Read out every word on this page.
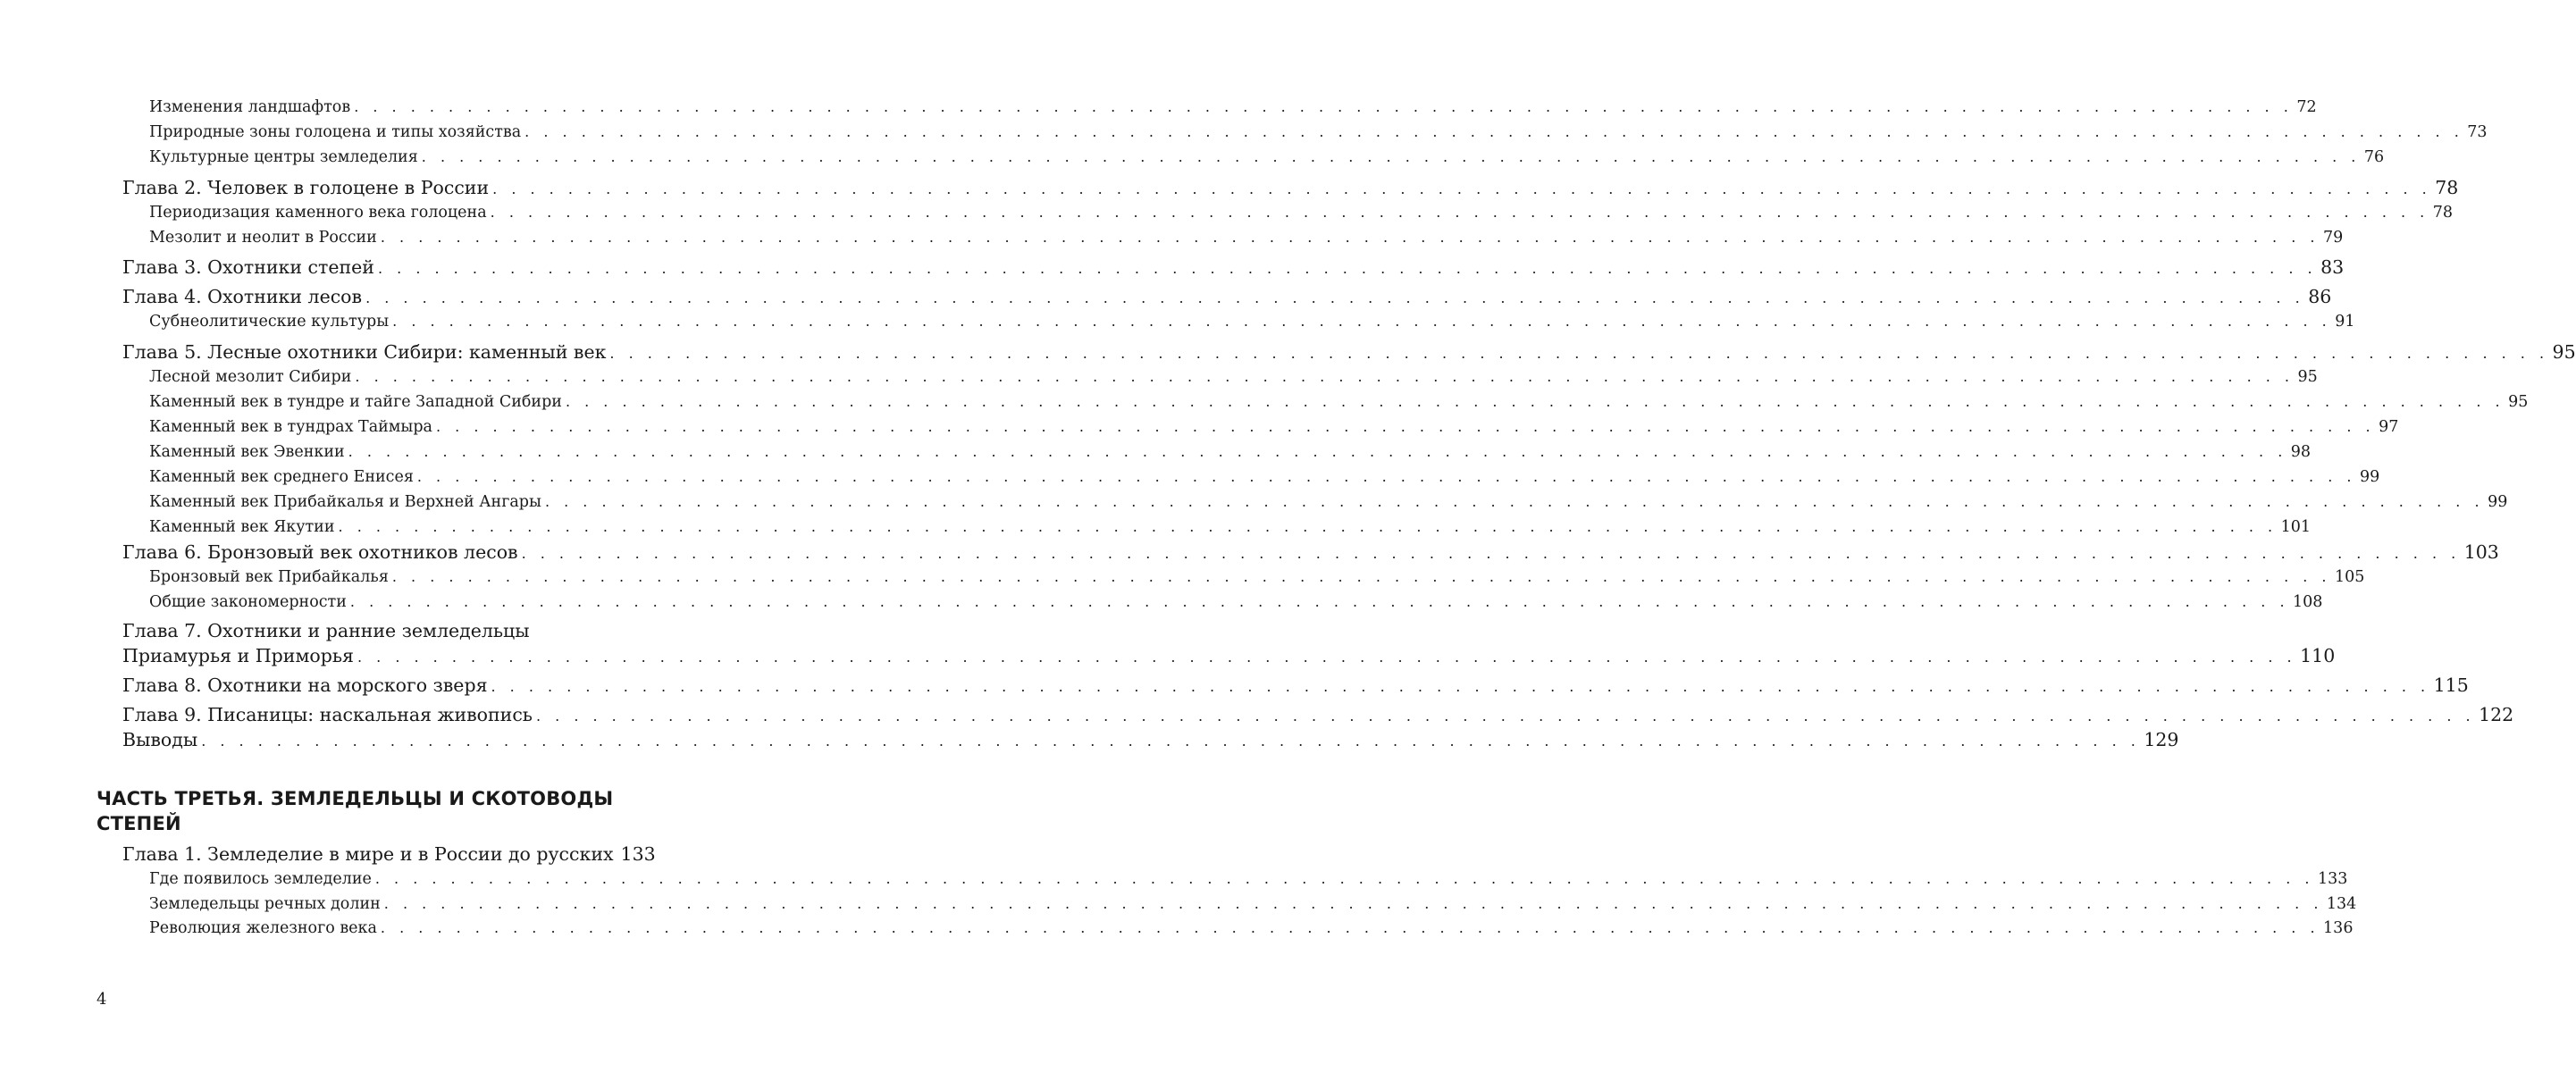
Изменения ландшафтов . . .	72
Природные зоны голоцена и типы хозяйства . . .	73
Культурные центры земледелия . . .	76
Глава 2. Человек в голоцене в России . . .	78
Периодизация каменного века голоцена . . .	78
Мезолит и неолит в России . . .	79
Глава 3. Охотники степей . . .	83
Глава 4. Охотники лесов . . .	86
Субнеолитические культуры . . .	91
Глава 5. Лесные охотники Сибири: каменный век . . .	95
Лесной мезолит Сибири . . .	95
Каменный век в тундре и тайге Западной Сибири . . .	95
Каменный век в тундрах Таймыра . . .	97
Каменный век Эвенкии . . .	98
Каменный век среднего Енисея . . .	99
Каменный век Прибайкалья и Верхней Ангары . . .	99
Каменный век Якутии . . .	101
Глава 6. Бронзовый век охотников лесов . . .	103
Бронзовый век Прибайкалья . . .	105
Общие закономерности . . .	108
Глава 7. Охотники и ранние земледельцы
Приамурья и Приморья . . .	110
Глава 8. Охотники на морского зверя . . .	115
Глава 9. Писаницы: наскальная живопись . . .	122
Выводы . . .	129
ЧАСТЬ ТРЕТЬЯ. ЗЕМЛЕДЕЛЬЦЫ И СКОТОВОДЫ
СТЕПЕЙ
Глава 1. Земледелие в мире и в России до русских 133
Где появилось земледелие . . .	133
Земледельцы речных долин . . .	134
Революция железного века . . .	136
4
